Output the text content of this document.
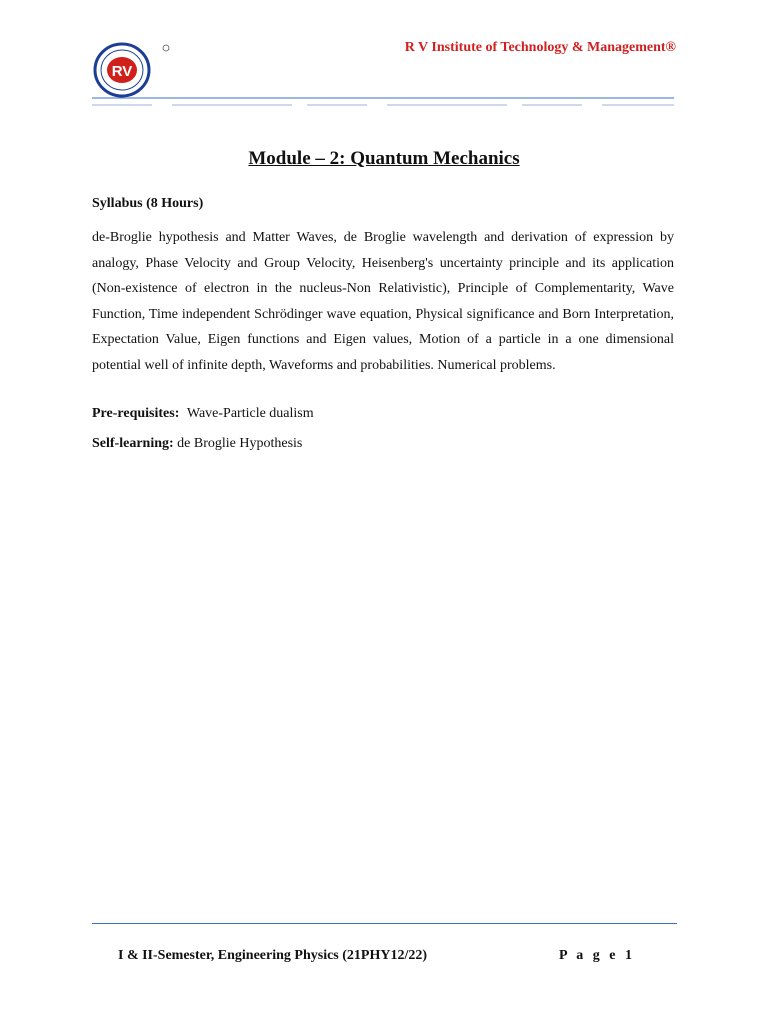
RV
R V Institute of Technology & Management®
Module – 2: Quantum Mechanics
Syllabus (8 Hours)
de-Broglie hypothesis and Matter Waves, de Broglie wavelength and derivation of expression by analogy, Phase Velocity and Group Velocity, Heisenberg's uncertainty principle and its application (Non-existence of electron in the nucleus-Non Relativistic), Principle of Complementarity, Wave Function, Time independent Schrödinger wave equation, Physical significance and Born Interpretation, Expectation Value, Eigen functions and Eigen values, Motion of a particle in a one dimensional potential well of infinite depth, Waveforms and probabilities. Numerical problems.
Pre-requisites: Wave-Particle dualism
Self-learning: de Broglie Hypothesis
I & II-Semester, Engineering Physics (21PHY12/22)	P a g e 1
